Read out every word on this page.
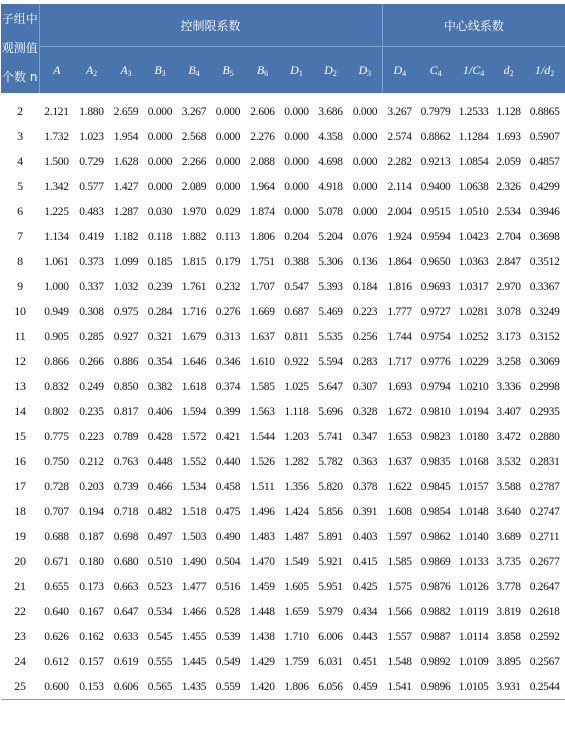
子组中
观测值
个数 n	控制限系数										中心线系数				
	A	$A_2$	$A_3$	$B_3$	$B_4$	$B_5$	$B_6$	$D_1$	$D_2$	$D_3$	$D_4$	$C_4$	$1/C_4$	$d_2$	$1/d_2$
2	2.121	1.880	2.659	0.000	3.267	0.000	2.606	0.000	3.686	0.000	3.267	0.7979	1.2533	1.128	0.8865
3	1.732	1.023	1.954	0.000	2.568	0.000	2.276	0.000	4.358	0.000	2.574	0.8862	1.1284	1.693	0.5907
4	1.500	0.729	1.628	0.000	2.266	0.000	2.088	0.000	4.698	0.000	2.282	0.9213	1.0854	2.059	0.4857
5	1.342	0.577	1.427	0.000	2.089	0.000	1.964	0.000	4.918	0.000	2.114	0.9400	1.0638	2.326	0.4299
6	1.225	0.483	1.287	0.030	1.970	0.029	1.874	0.000	5.078	0.000	2.004	0.9515	1.0510	2.534	0.3946
7	1.134	0.419	1.182	0.118	1.882	0.113	1.806	0.204	5.204	0.076	1.924	0.9594	1.0423	2.704	0.3698
8	1.061	0.373	1.099	0.185	1.815	0.179	1.751	0.388	5.306	0.136	1.864	0.9650	1.0363	2.847	0.3512
9	1.000	0.337	1.032	0.239	1.761	0.232	1.707	0.547	5.393	0.184	1.816	0.9693	1.0317	2.970	0.3367
10	0.949	0.308	0.975	0.284	1.716	0.276	1.669	0.687	5.469	0.223	1.777	0.9727	1.0281	3.078	0.3249
11	0.905	0.285	0.927	0.321	1.679	0.313	1.637	0.811	5.535	0.256	1.744	0.9754	1.0252	3.173	0.3152
12	0.866	0.266	0.886	0.354	1.646	0.346	1.610	0.922	5.594	0.283	1.717	0.9776	1.0229	3.258	0.3069
13	0.832	0.249	0.850	0.382	1.618	0.374	1.585	1.025	5.647	0.307	1.693	0.9794	1.0210	3.336	0.2998
14	0.802	0.235	0.817	0.406	1.594	0.399	1.563	1.118	5.696	0.328	1.672	0.9810	1.0194	3.407	0.2935
15	0.775	0.223	0.789	0.428	1.572	0.421	1.544	1.203	5.741	0.347	1.653	0.9823	1.0180	3.472	0.2880
16	0.750	0.212	0.763	0.448	1.552	0.440	1.526	1.282	5.782	0.363	1.637	0.9835	1.0168	3.532	0.2831
17	0.728	0.203	0.739	0.466	1.534	0.458	1.511	1.356	5.820	0.378	1.622	0.9845	1.0157	3.588	0.2787
18	0.707	0.194	0.718	0.482	1.518	0.475	1.496	1.424	5.856	0.391	1.608	0.9854	1.0148	3.640	0.2747
19	0.688	0.187	0.698	0.497	1.503	0.490	1.483	1.487	5.891	0.403	1.597	0.9862	1.0140	3.689	0.2711
20	0.671	0.180	0.680	0.510	1.490	0.504	1.470	1.549	5.921	0.415	1.585	0.9869	1.0133	3.735	0.2677
21	0.655	0.173	0.663	0.523	1.477	0.516	1.459	1.605	5.951	0.425	1.575	0.9876	1.0126	3.778	0.2647
22	0.640	0.167	0.647	0.534	1.466	0.528	1.448	1.659	5.979	0.434	1.566	0.9882	1.0119	3.819	0.2618
23	0.626	0.162	0.633	0.545	1.455	0.539	1.438	1.710	6.006	0.443	1.557	0.9887	1.0114	3.858	0.2592
24	0.612	0.157	0.619	0.555	1.445	0.549	1.429	1.759	6.031	0.451	1.548	0.9892	1.0109	3.895	0.2567
25	0.600	0.153	0.606	0.565	1.435	0.559	1.420	1.806	6.056	0.459	1.541	0.9896	1.0105	3.931	0.2544
